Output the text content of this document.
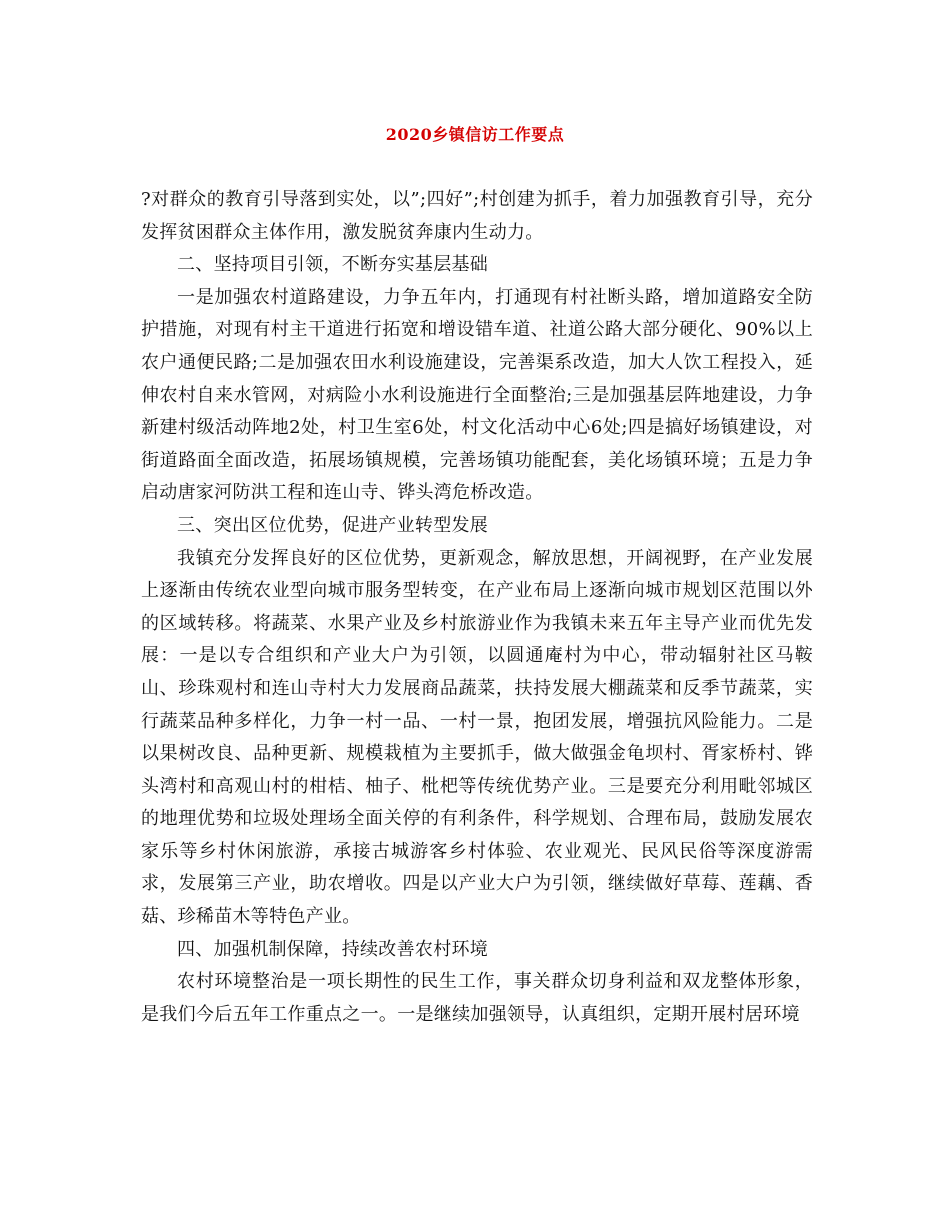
2020乡镇信访工作要点

?对群众的教育引导落到实处，以”;四好”;村创建为抓手，着力加强教育引导，充分发挥贫困群众主体作用，激发脱贫奔康内生动力。

二、坚持项目引领，不断夯实基层基础

一是加强农村道路建设，力争五年内，打通现有村社断头路，增加道路安全防护措施，对现有村主干道进行拓宽和增设错车道、社道公路大部分硬化、90%以上农户通便民路;二是加强农田水利设施建设，完善渠系改造，加大人饮工程投入，延伸农村自来水管网，对病险小水利设施进行全面整治;三是加强基层阵地建设，力争新建村级活动阵地2处，村卫生室6处，村文化活动中心6处;四是搞好场镇建设，对街道路面全面改造，拓展场镇规模，完善场镇功能配套，美化场镇环境；五是力争启动唐家河防洪工程和连山寺、铧头湾危桥改造。

三、突出区位优势，促进产业转型发展

我镇充分发挥良好的区位优势，更新观念，解放思想，开阔视野，在产业发展上逐渐由传统农业型向城市服务型转变，在产业布局上逐渐向城市规划区范围以外的区域转移。将蔬菜、水果产业及乡村旅游业作为我镇未来五年主导产业而优先发展：一是以专合组织和产业大户为引领，以圆通庵村为中心，带动辐射社区马鞍山、珍珠观村和连山寺村大力发展商品蔬菜，扶持发展大棚蔬菜和反季节蔬菜，实行蔬菜品种多样化，力争一村一品、一村一景，抱团发展，增强抗风险能力。二是以果树改良、品种更新、规模栽植为主要抓手，做大做强金龟坝村、胥家桥村、铧头湾村和高观山村的柑桔、柚子、枇杷等传统优势产业。三是要充分利用毗邻城区的地理优势和垃圾处理场全面关停的有利条件，科学规划、合理布局，鼓励发展农家乐等乡村休闲旅游，承接古城游客乡村体验、农业观光、民风民俗等深度游需求，发展第三产业，助农增收。四是以产业大户为引领，继续做好草莓、莲藕、香菇、珍稀苗木等特色产业。

四、加强机制保障，持续改善农村环境

农村环境整治是一项长期性的民生工作，事关群众切身利益和双龙整体形象，是我们今后五年工作重点之一。一是继续加强领导，认真组织，定期开展村居环境
